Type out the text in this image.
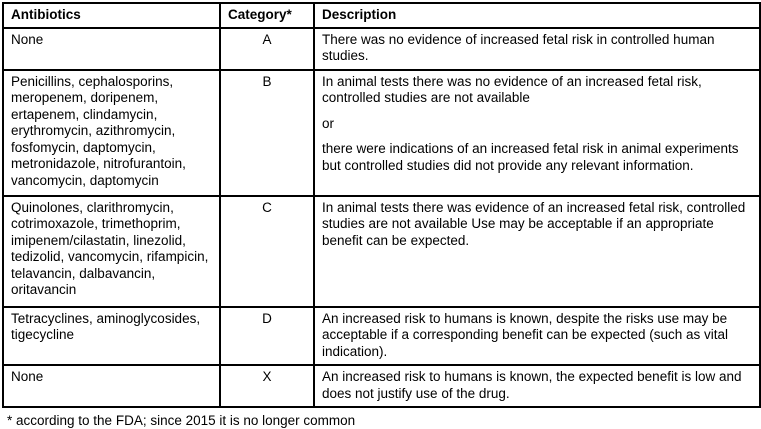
Antibiotics	Category*	Description
None	A	There was no evidence of increased fetal risk in controlled human studies.

Penicillins, cephalosporins, meropenem, doripenem, ertapenem, clindamycin, erythromycin, azithromycin, fosfomycin, daptomycin, metronidazole, nitrofurantoin, vancomycin, daptomycin	B	In animal tests there was no evidence of an increased fetal risk, controlled studies are not available

or

there were indications of an increased fetal risk in animal experiments but controlled studies did not provide any relevant information.

Quinolones, clarithromycin, cotrimoxazole, trimethoprim, imipenem/cilastatin, linezolid, tedizolid, vancomycin, rifampicin, telavancin, dalbavancin, oritavancin	C	In animal tests there was evidence of an increased fetal risk, controlled studies are not available Use may be acceptable if an appropriate benefit can be expected.

Tetracyclines, aminoglycosides, tigecycline	D	An increased risk to humans is known, despite the risks use may be acceptable if a corresponding benefit can be expected (such as vital indication).

None	X	An increased risk to humans is known, the expected benefit is low and does not justify use of the drug.

* according to the FDA; since 2015 it is no longer common
